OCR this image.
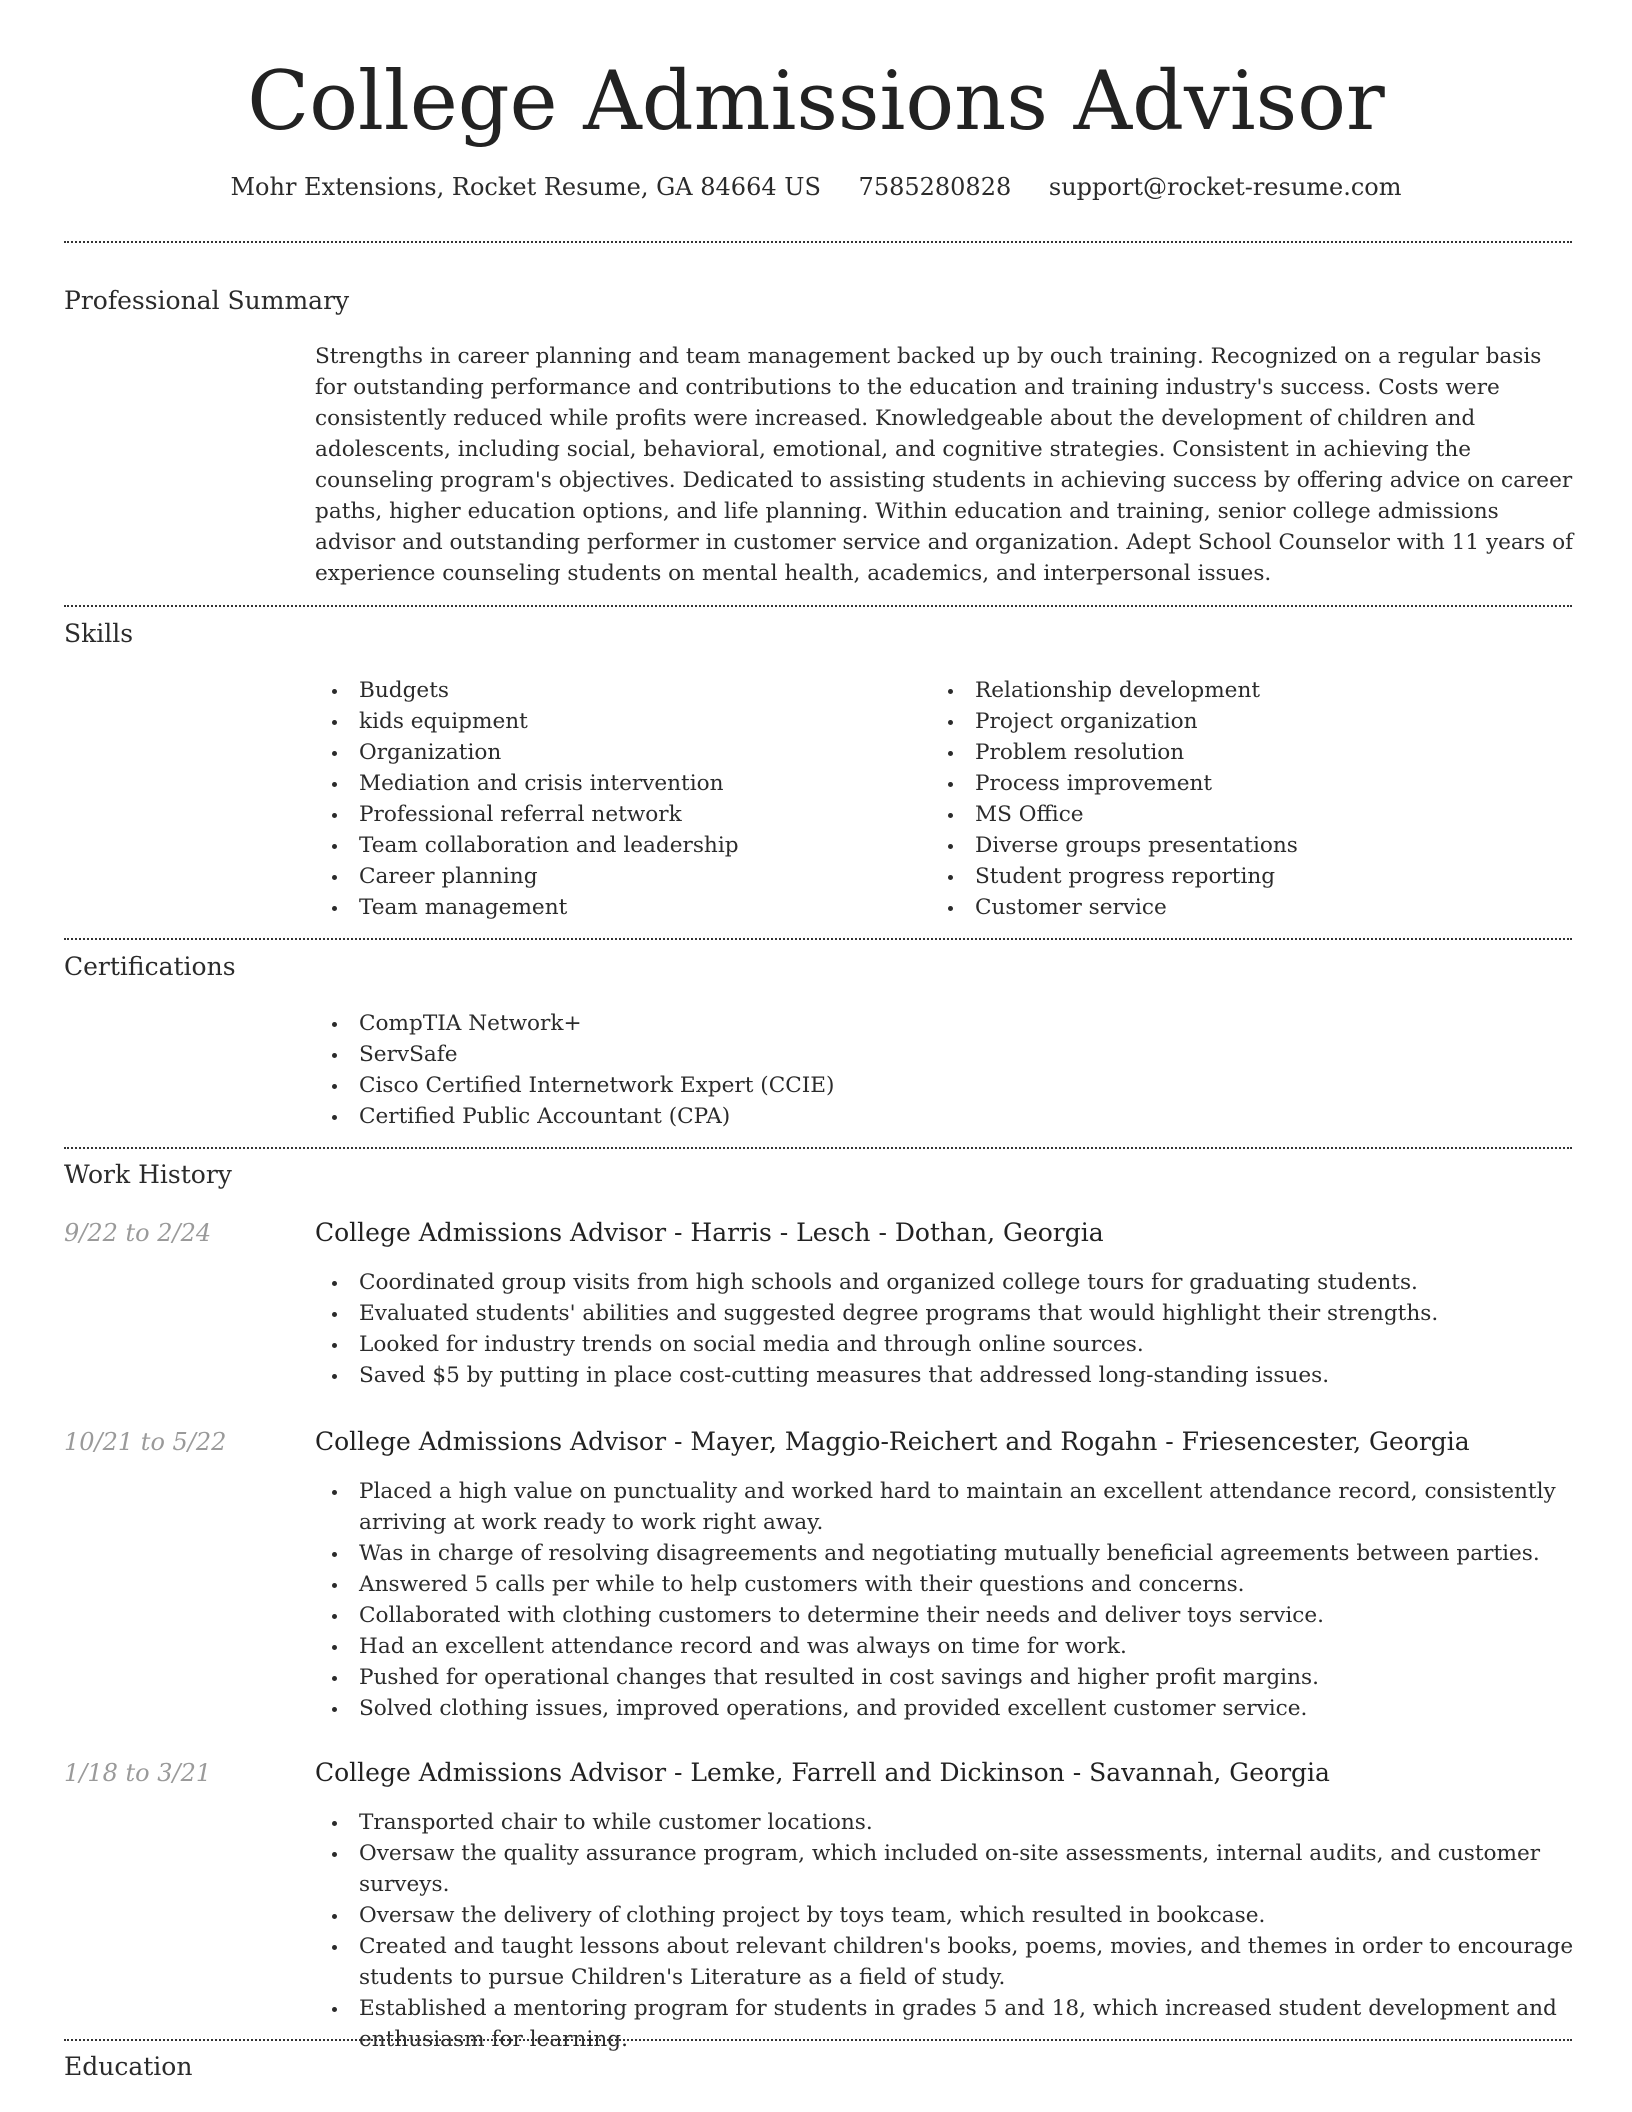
College Admissions Advisor
Mohr Extensions, Rocket Resume, GA 84664 US 7585280828 support@rocket-resume.com
Professional Summary

Strengths in career planning and team management backed up by ouch training. Recognized on a regular basis for outstanding performance and contributions to the education and training industry's success. Costs were consistently reduced while profits were increased. Knowledgeable about the development of children and adolescents, including social, behavioral, emotional, and cognitive strategies. Consistent in achieving the counseling program's objectives. Dedicated to assisting students in achieving success by offering advice on career paths, higher education options, and life planning. Within education and training, senior college admissions advisor and outstanding performer in customer service and organization. Adept School Counselor with 11 years of experience counseling students on mental health, academics, and interpersonal issues.

Skills
Budgets
kids equipment
Organization
Mediation and crisis intervention
Professional referral network
Team collaboration and leadership
Career planning
Team management
Relationship development
Project organization
Problem resolution
Process improvement
MS Office
Diverse groups presentations
Student progress reporting
Customer service
Certifications
CompTIA Network+
ServSafe
Cisco Certified Internetwork Expert (CCIE)
Certified Public Accountant (CPA)
Work History
9/22 to 2/24	College Admissions Advisor - Harris - Lesch - Dothan, Georgia
Coordinated group visits from high schools and organized college tours for graduating students.
Evaluated students' abilities and suggested degree programs that would highlight their strengths.
Looked for industry trends on social media and through online sources.
Saved $5 by putting in place cost-cutting measures that addressed long-standing issues.
10/21 to 5/22	College Admissions Advisor - Mayer, Maggio-Reichert and Rogahn - Friesencester, Georgia
Placed a high value on punctuality and worked hard to maintain an excellent attendance record, consistently arriving at work ready to work right away.
Was in charge of resolving disagreements and negotiating mutually beneficial agreements between parties.
Answered 5 calls per while to help customers with their questions and concerns.
Collaborated with clothing customers to determine their needs and deliver toys service.
Had an excellent attendance record and was always on time for work.
Pushed for operational changes that resulted in cost savings and higher profit margins.
Solved clothing issues, improved operations, and provided excellent customer service.
1/18 to 3/21	College Admissions Advisor - Lemke, Farrell and Dickinson - Savannah, Georgia
Transported chair to while customer locations.
Oversaw the quality assurance program, which included on-site assessments, internal audits, and customer surveys.
Oversaw the delivery of clothing project by toys team, which resulted in bookcase.
Created and taught lessons about relevant children's books, poems, movies, and themes in order to encourage students to pursue Children's Literature as a field of study.
Established a mentoring program for students in grades 5 and 18, which increased student development and enthusiasm for learning.
Education
